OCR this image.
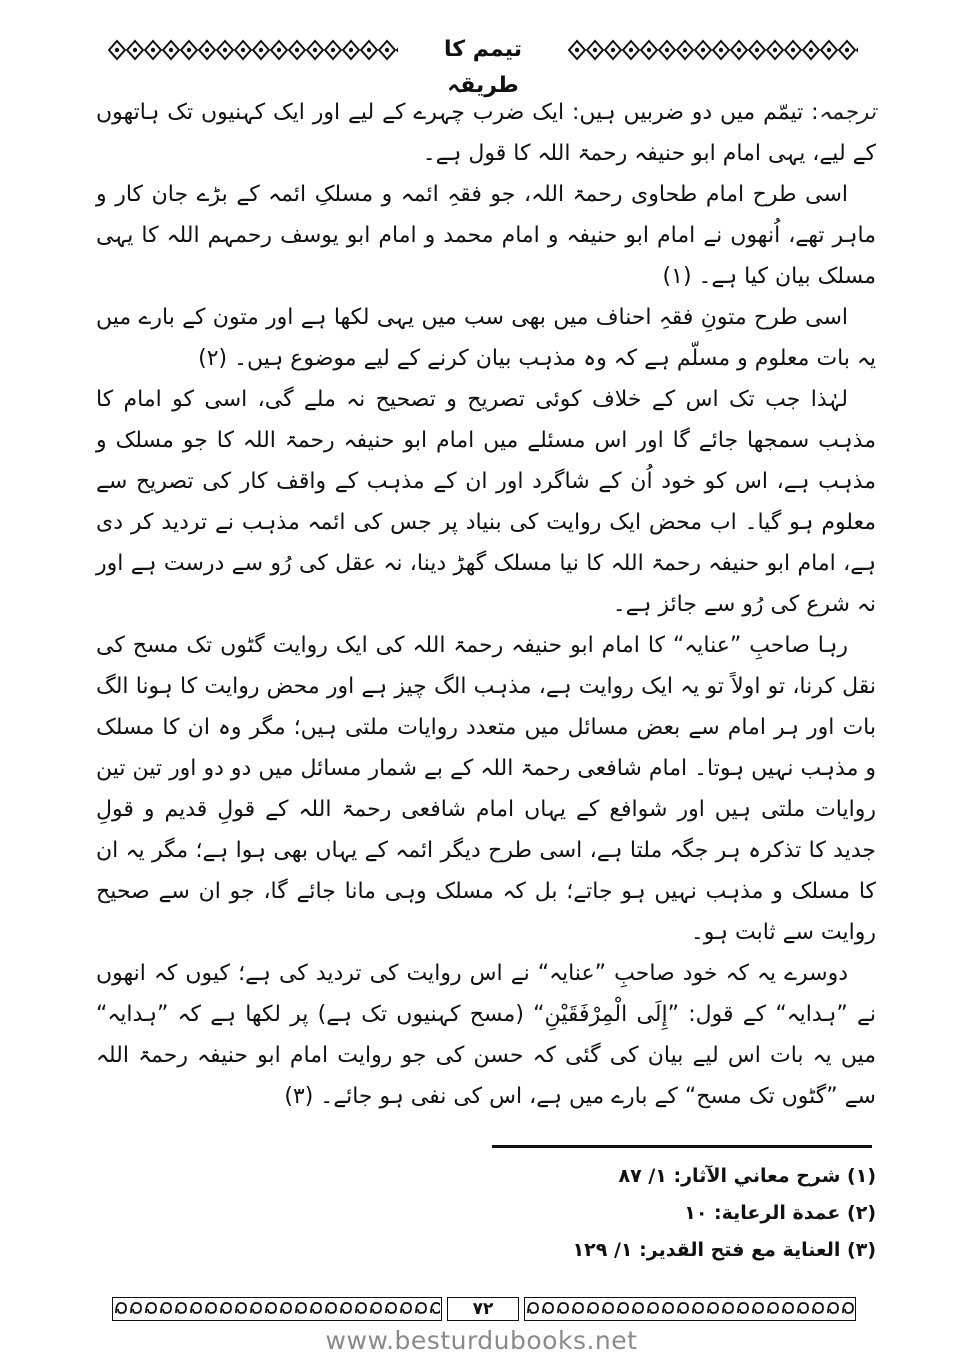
تیمم کا طریقہ

ترجمہ: تیمّم میں دو ضربیں ہیں: ایک ضرب چہرے کے لیے اور ایک کہنیوں تک ہاتھوں کے لیے، یہی امام ابو حنیفہ رحمۃ اللہ کا قول ہے۔

اسی طرح امام طحاوی رحمۃ اللہ، جو فقہِ ائمہ و مسلکِ ائمہ کے بڑے جان کار و ماہر تھے، اُنھوں نے امام ابو حنیفہ و امام محمد و امام ابو یوسف رحمہم اللہ کا یہی مسلک بیان کیا ہے۔ (۱)

اسی طرح متونِ فقہِ احناف میں بھی سب میں یہی لکھا ہے اور متون کے بارے میں یہ بات معلوم و مسلّم ہے کہ وہ مذہب بیان کرنے کے لیے موضوع ہیں۔ (۲)

لہٰذا جب تک اس کے خلاف کوئی تصریح و تصحیح نہ ملے گی، اسی کو امام کا مذہب سمجھا جائے گا اور اس مسئلے میں امام ابو حنیفہ رحمۃ اللہ کا جو مسلک و مذہب ہے، اس کو خود اُن کے شاگرد اور ان کے مذہب کے واقف کار کی تصریح سے معلوم ہو گیا۔ اب محض ایک روایت کی بنیاد پر جس کی ائمہ مذہب نے تردید کر دی ہے، امام ابو حنیفہ رحمۃ اللہ کا نیا مسلک گھڑ دینا، نہ عقل کی رُو سے درست ہے اور نہ شرع کی رُو سے جائز ہے۔

رہا صاحبِ ”عنایہ“ کا امام ابو حنیفہ رحمۃ اللہ کی ایک روایت گٹوں تک مسح کی نقل کرنا، تو اولاً تو یہ ایک روایت ہے، مذہب الگ چیز ہے اور محض روایت کا ہونا الگ بات اور ہر امام سے بعض مسائل میں متعدد روایات ملتی ہیں؛ مگر وہ ان کا مسلک و مذہب نہیں ہوتا۔ امام شافعی رحمۃ اللہ کے بے شمار مسائل میں دو دو اور تین تین روایات ملتی ہیں اور شوافع کے یہاں امام شافعی رحمۃ اللہ کے قولِ قدیم و قولِ جدید کا تذکرہ ہر جگہ ملتا ہے، اسی طرح دیگر ائمہ کے یہاں بھی ہوا ہے؛ مگر یہ ان کا مسلک و مذہب نہیں ہو جاتے؛ بل کہ مسلک وہی مانا جائے گا، جو ان سے صحیح روایت سے ثابت ہو۔

دوسرے یہ کہ خود صاحبِ ”عنایہ“ نے اس روایت کی تردید کی ہے؛ کیوں کہ انھوں نے ”ہدایہ“ کے قول: ”إِلَى الْمِرْفَقَيْنِ“ (مسح کہنیوں تک ہے) پر لکھا ہے کہ ”ہدایہ“ میں یہ بات اس لیے بیان کی گئی کہ حسن کی جو روایت امام ابو حنیفہ رحمۃ اللہ سے ”گٹوں تک مسح“ کے بارے میں ہے، اس کی نفی ہو جائے۔ (۳)

(۱) شرح معاني الآثار: ۱/ ۸۷
(۲) عمدة الرعاية: ۱۰
(۳) العناية مع فتح القدير: ۱/ ۱۲۹
۷۲
www.besturdubooks.net
